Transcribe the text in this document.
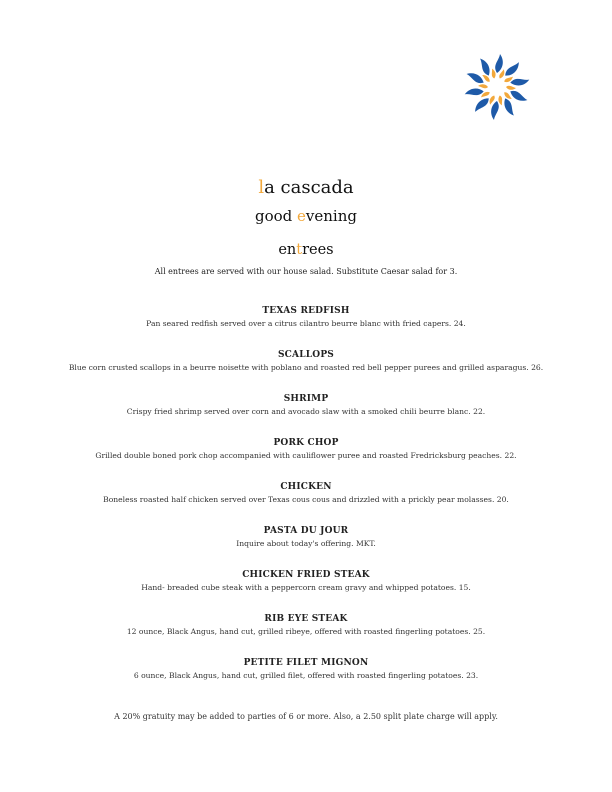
la cascada
good evening
entrees
All entrees are served with our house salad. Substitute Caesar salad for 3.
TEXAS REDFISH
Pan seared redfish served over a citrus cilantro beurre blanc with fried capers. 24.
SCALLOPS
Blue corn crusted scallops in a beurre noisette with poblano and roasted red bell pepper purees and grilled asparagus. 26.
SHRIMP
Crispy fried shrimp served over corn and avocado slaw with a smoked chili beurre blanc. 22.
PORK CHOP
Grilled double boned pork chop accompanied with cauliflower puree and roasted Fredricksburg peaches. 22.
CHICKEN
Boneless roasted half chicken served over Texas cous cous and drizzled with a prickly pear molasses. 20.
PASTA DU JOUR
Inquire about today's offering. MKT.
CHICKEN FRIED STEAK
Hand- breaded cube steak with a peppercorn cream gravy and whipped potatoes. 15.
RIB EYE STEAK
12 ounce, Black Angus, hand cut, grilled ribeye, offered with roasted fingerling potatoes. 25.
PETITE FILET MIGNON
6 ounce, Black Angus, hand cut, grilled filet, offered with roasted fingerling potatoes. 23.
A 20% gratuity may be added to parties of 6 or more. Also, a 2.50 split plate charge will apply.
